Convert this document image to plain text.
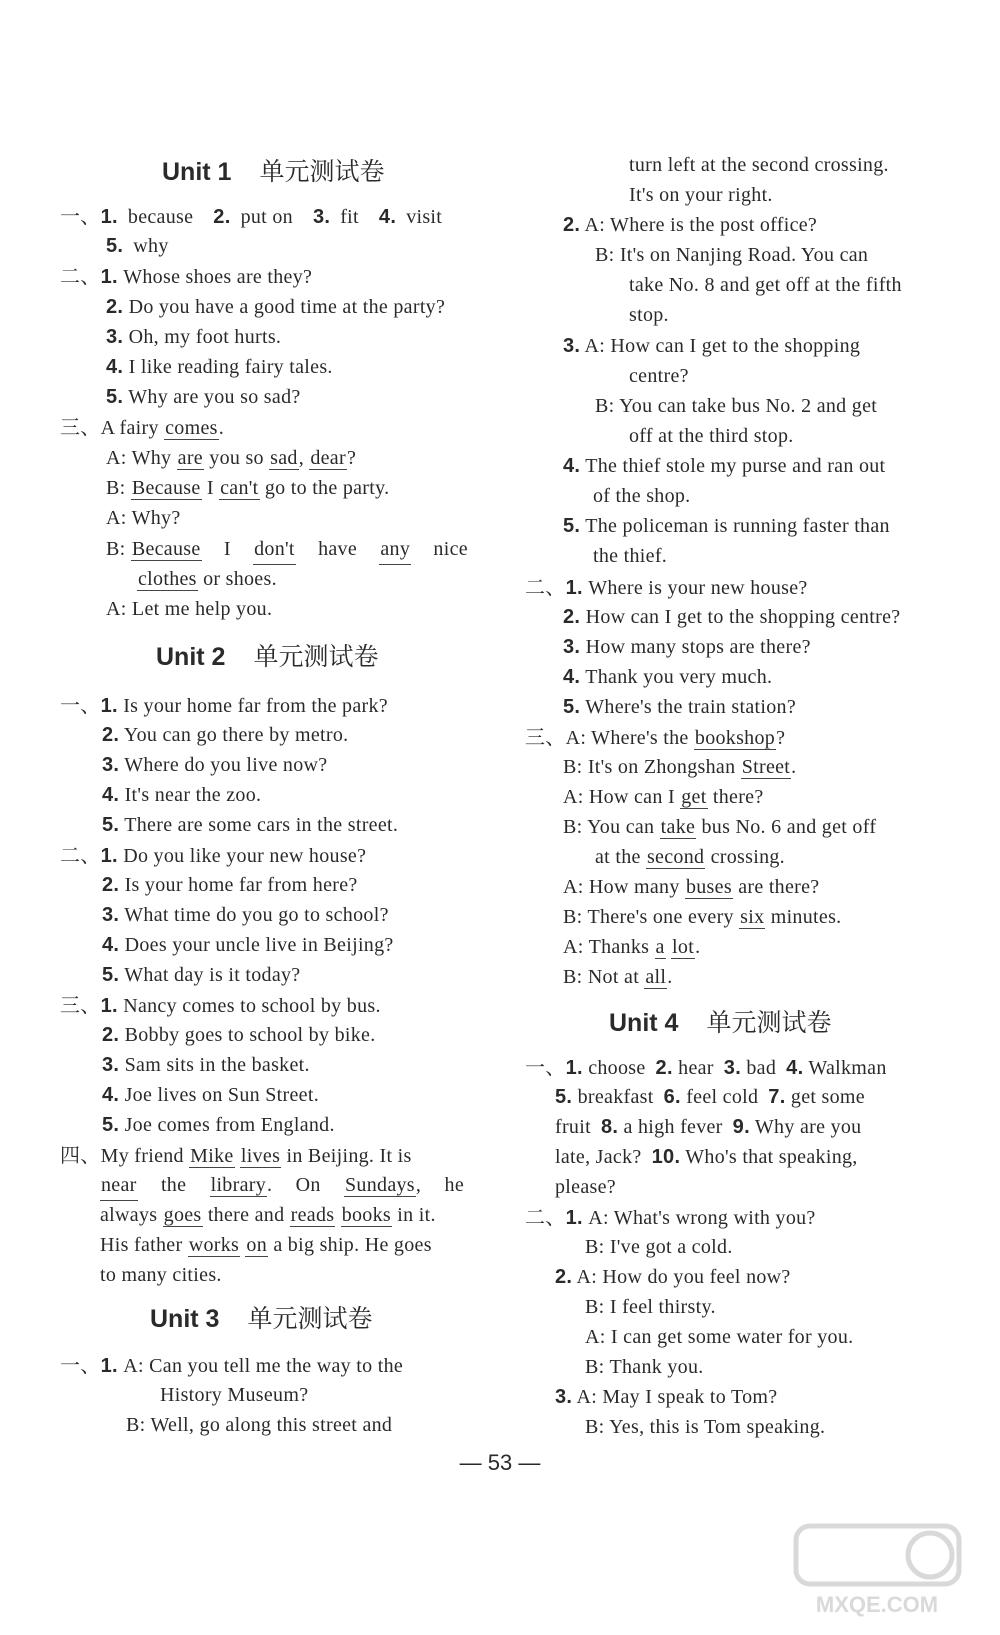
Unit 1 单元测试卷
一、1. because 2. put on 3. fit 4. visit
5. why
二、1. Whose shoes are they?
2. Do you have a good time at the party?
3. Oh, my foot hurts.
4. I like reading fairy tales.
5. Why are you so sad?
三、A fairy comes.
A: Why are you so sad, dear?
B: Because I can't go to the party.
A: Why?
B: Because I don't have any nice
clothes or shoes.
A: Let me help you.
Unit 2 单元测试卷
一、1. Is your home far from the park?
2. You can go there by metro.
3. Where do you live now?
4. It's near the zoo.
5. There are some cars in the street.
二、1. Do you like your new house?
2. Is your home far from here?
3. What time do you go to school?
4. Does your uncle live in Beijing?
5. What day is it today?
三、1. Nancy comes to school by bus.
2. Bobby goes to school by bike.
3. Sam sits in the basket.
4. Joe lives on Sun Street.
5. Joe comes from England.
四、My friend Mike lives in Beijing. It is
near the library. On Sundays, he
always goes there and reads books in it.
His father works on a big ship. He goes
to many cities.
Unit 3 单元测试卷
一、1. A: Can you tell me the way to the
History Museum?
B: Well, go along this street and
turn left at the second crossing.
It's on your right.
2. A: Where is the post office?
B: It's on Nanjing Road. You can
take No. 8 and get off at the fifth
stop.
3. A: How can I get to the shopping
centre?
B: You can take bus No. 2 and get
off at the third stop.
4. The thief stole my purse and ran out
of the shop.
5. The policeman is running faster than
the thief.
二、1. Where is your new house?
2. How can I get to the shopping centre?
3. How many stops are there?
4. Thank you very much.
5. Where's the train station?
三、A: Where's the bookshop?
B: It's on Zhongshan Street.
A: How can I get there?
B: You can take bus No. 6 and get off
at the second crossing.
A: How many buses are there?
B: There's one every six minutes.
A: Thanks a lot.
B: Not at all.
Unit 4 单元测试卷
一、1. choose 2. hear 3. bad 4. Walkman
5. breakfast 6. feel cold 7. get some
fruit 8. a high fever 9. Why are you
late, Jack? 10. Who's that speaking,
please?
二、1. A: What's wrong with you?
B: I've got a cold.
2. A: How do you feel now?
B: I feel thirsty.
A: I can get some water for you.
B: Thank you.
3. A: May I speak to Tom?
B: Yes, this is Tom speaking.
— 53 —
MXQE.COM
